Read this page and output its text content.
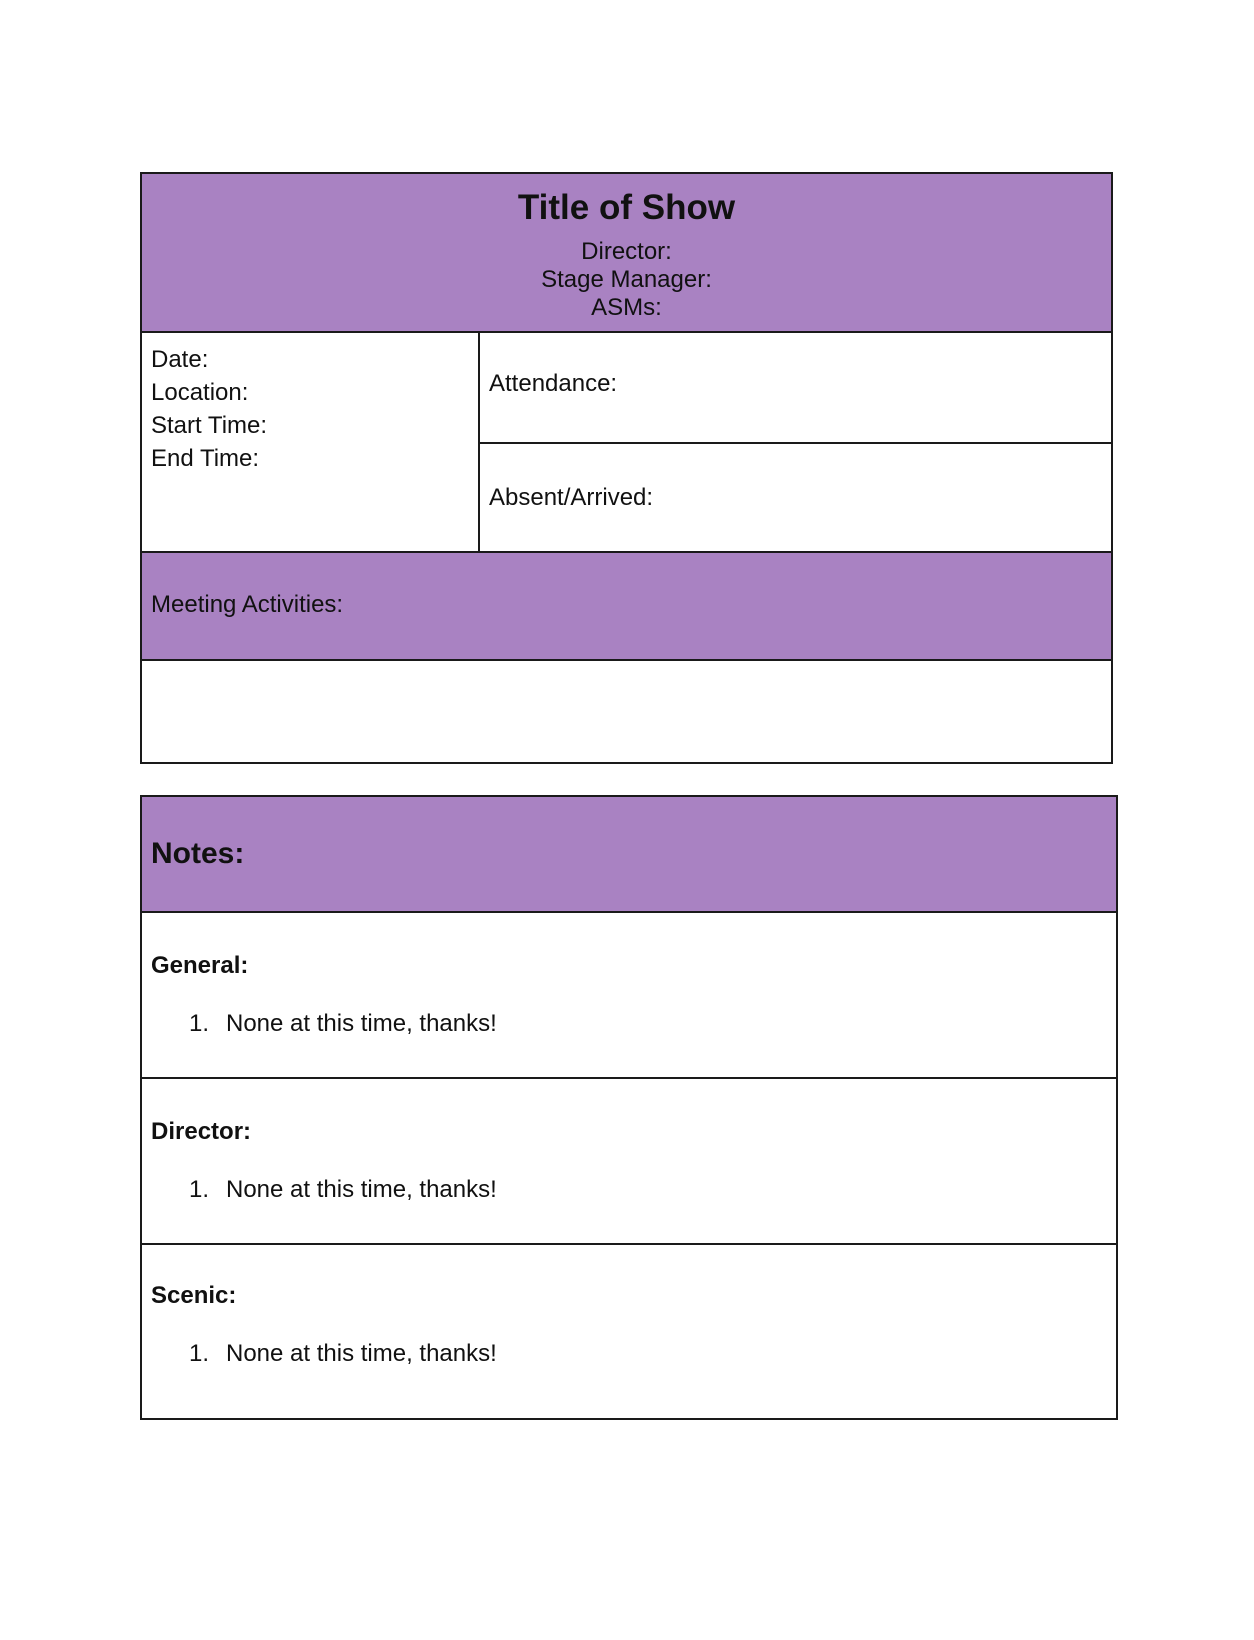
Title of Show
Director:
Stage Manager:
ASMs:
Date:
Location:
Start Time:
End Time:
Attendance:
Absent/Arrived:
Meeting Activities:
Notes:
General:
1. None at this time, thanks!
Director:
1. None at this time, thanks!
Scenic:
1. None at this time, thanks!
